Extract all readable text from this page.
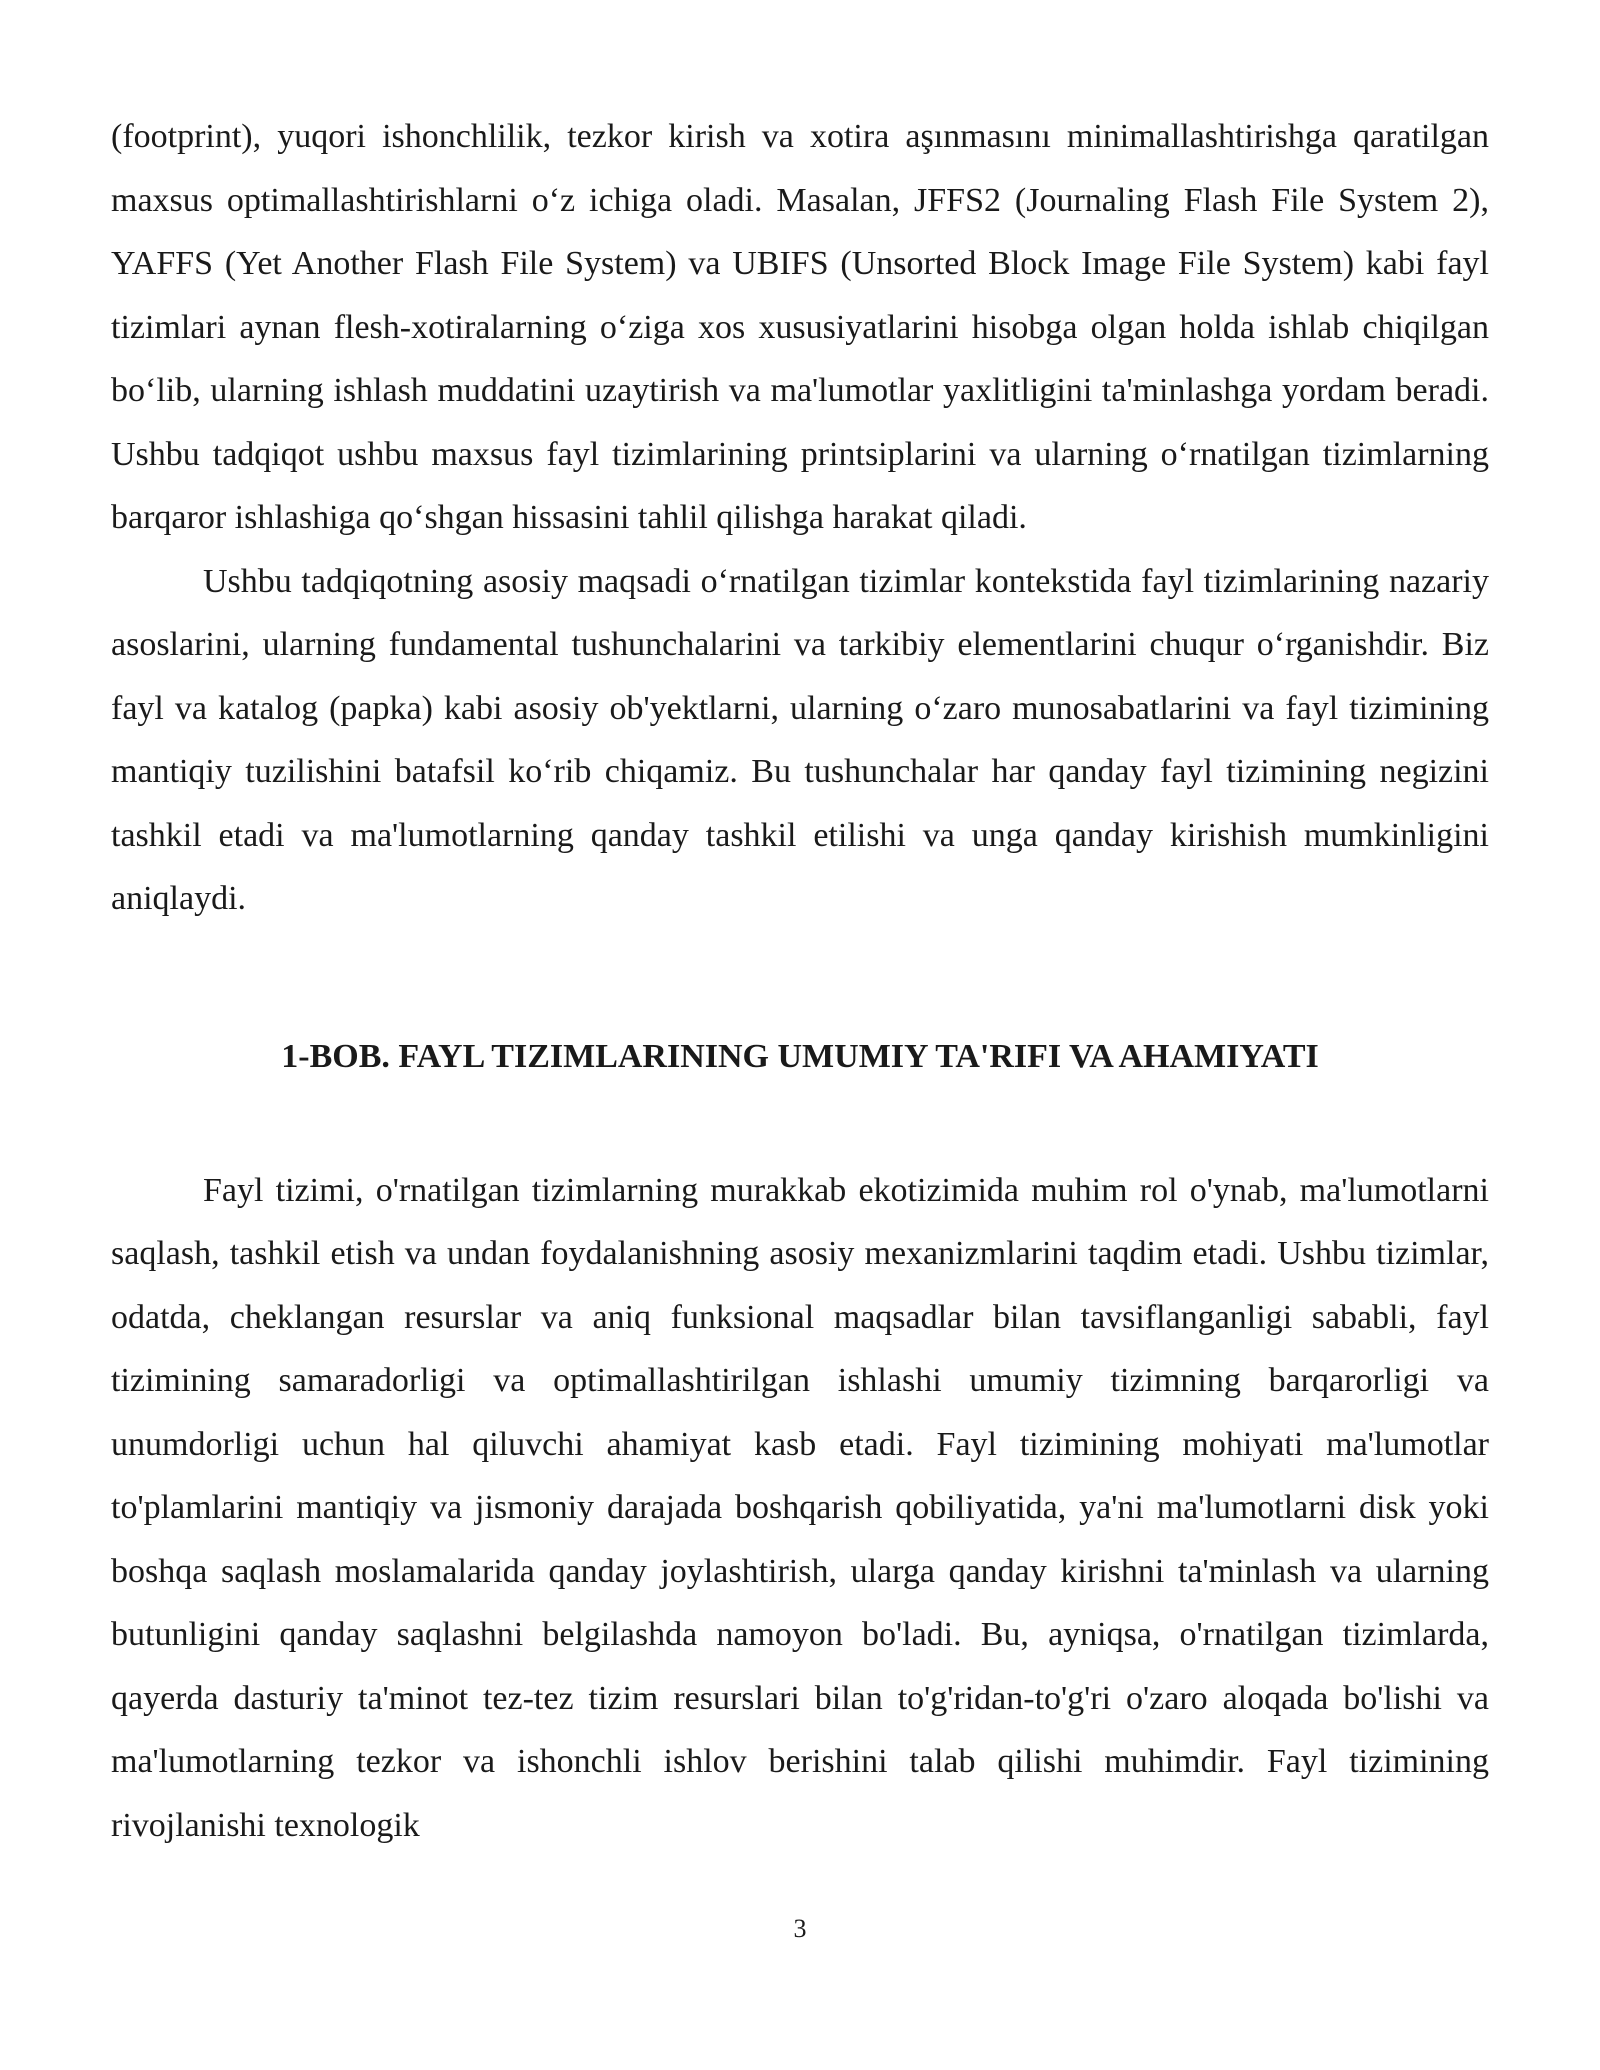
(footprint), yuqori ishonchlilik, tezkor kirish va xotira aşınmasını minimallashtirishga qaratilgan maxsus optimallashtirishlarni o‘z ichiga oladi. Masalan, JFFS2 (Journaling Flash File System 2), YAFFS (Yet Another Flash File System) va UBIFS (Unsorted Block Image File System) kabi fayl tizimlari aynan flesh-xotiralarning o‘ziga xos xususiyatlarini hisobga olgan holda ishlab chiqilgan bo‘lib, ularning ishlash muddatini uzaytirish va ma'lumotlar yaxlitligini ta'minlashga yordam beradi. Ushbu tadqiqot ushbu maxsus fayl tizimlarining printsiplarini va ularning o‘rnatilgan tizimlarning barqaror ishlashiga qo‘shgan hissasini tahlil qilishga harakat qiladi.

Ushbu tadqiqotning asosiy maqsadi o‘rnatilgan tizimlar kontekstida fayl tizimlarining nazariy asoslarini, ularning fundamental tushunchalarini va tarkibiy elementlarini chuqur o‘rganishdir. Biz fayl va katalog (papka) kabi asosiy ob'yektlarni, ularning o‘zaro munosabatlarini va fayl tizimining mantiqiy tuzilishini batafsil ko‘rib chiqamiz. Bu tushunchalar har qanday fayl tizimining negizini tashkil etadi va ma'lumotlarning qanday tashkil etilishi va unga qanday kirishish mumkinligini aniqlaydi.

1-BOB. FAYL TIZIMLARINING UMUMIY TA'RIFI VA AHAMIYATI

Fayl tizimi, o'rnatilgan tizimlarning murakkab ekotizimida muhim rol o'ynab, ma'lumotlarni saqlash, tashkil etish va undan foydalanishning asosiy mexanizmlarini taqdim etadi. Ushbu tizimlar, odatda, cheklangan resurslar va aniq funksional maqsadlar bilan tavsiflanganligi sababli, fayl tizimining samaradorligi va optimallashtirilgan ishlashi umumiy tizimning barqarorligi va unumdorligi uchun hal qiluvchi ahamiyat kasb etadi. Fayl tizimining mohiyati ma'lumotlar to'plamlarini mantiqiy va jismoniy darajada boshqarish qobiliyatida, ya'ni ma'lumotlarni disk yoki boshqa saqlash moslamalarida qanday joylashtirish, ularga qanday kirishni ta'minlash va ularning butunligini qanday saqlashni belgilashda namoyon bo'ladi. Bu, ayniqsa, o'rnatilgan tizimlarda, qayerda dasturiy ta'minot tez-tez tizim resurslari bilan to'g'ridan-to'g'ri o'zaro aloqada bo'lishi va ma'lumotlarning tezkor va ishonchli ishlov berishini talab qilishi muhimdir. Fayl tizimining rivojlanishi texnologik

3
